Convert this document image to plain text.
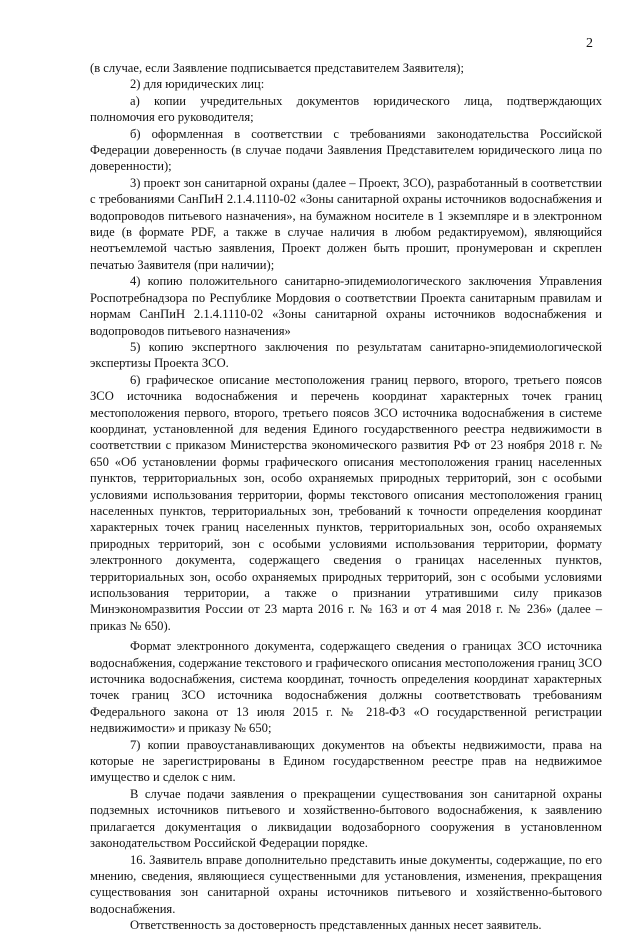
2

(в случае, если Заявление подписывается представителем Заявителя);

2) для юридических лиц:

а) копии учредительных документов юридического лица, подтверждающих полномочия его руководителя;

б) оформленная в соответствии с требованиями законодательства Российской Федерации доверенность (в случае подачи Заявления Представителем юридического лица по доверенности);

3) проект зон санитарной охраны (далее – Проект, ЗСО), разработанный в соответствии с требованиями СанПиН 2.1.4.1110-02 «Зоны санитарной охраны источников водоснабжения и водопроводов питьевого назначения», на бумажном носителе в 1 экземпляре и в электронном виде (в формате PDF, а также в случае наличия в любом редактируемом), являющийся неотъемлемой частью заявления, Проект должен быть прошит, пронумерован и скреплен печатью Заявителя (при наличии);

4) копию положительного санитарно-эпидемиологического заключения Управления Роспотребнадзора по Республике Мордовия о соответствии Проекта санитарным правилам и нормам СанПиН 2.1.4.1110-02 «Зоны санитарной охраны источников водоснабжения и водопроводов питьевого назначения»

5) копию экспертного заключения по результатам санитарно-эпидемиологической экспертизы Проекта ЗСО.

6) графическое описание местоположения границ первого, второго, третьего поясов ЗСО источника водоснабжения и перечень координат характерных точек границ местоположения первого, второго, третьего поясов ЗСО источника водоснабжения в системе координат, установленной для ведения Единого государственного реестра недвижимости в соответствии с приказом Министерства экономического развития РФ от 23 ноября 2018 г. № 650 «Об установлении формы графического описания местоположения границ населенных пунктов, территориальных зон, особо охраняемых природных территорий, зон с особыми условиями использования территории, формы текстового описания местоположения границ населенных пунктов, территориальных зон, требований к точности определения координат характерных точек границ населенных пунктов, территориальных зон, особо охраняемых природных территорий, зон с особыми условиями использования территории, формату электронного документа, содержащего сведения о границах населенных пунктов, территориальных зон, особо охраняемых природных территорий, зон с особыми условиями использования территории, а также о признании утратившими силу приказов Минэкономразвития России от 23 марта 2016 г. № 163 и от 4 мая 2018 г. № 236» (далее – приказ № 650).

Формат электронного документа, содержащего сведения о границах ЗСО источника водоснабжения, содержание текстового и графического описания местоположения границ ЗСО источника водоснабжения, система координат, точность определения координат характерных точек границ ЗСО источника водоснабжения должны соответствовать требованиям Федерального закона от 13 июля 2015 г. № 218-ФЗ «О государственной регистрации недвижимости» и приказу № 650;

7) копии правоустанавливающих документов на объекты недвижимости, права на которые не зарегистрированы в Едином государственном реестре прав на недвижимое имущество и сделок с ним.

В случае подачи заявления о прекращении существования зон санитарной охраны подземных источников питьевого и хозяйственно-бытового водоснабжения, к заявлению прилагается документация о ликвидации водозаборного сооружения в установленном законодательством Российской Федерации порядке.

16. Заявитель вправе дополнительно представить иные документы, содержащие, по его мнению, сведения, являющиеся существенными для установления, изменения, прекращения существования зон санитарной охраны источников питьевого и хозяйственно-бытового водоснабжения.

Ответственность за достоверность представленных данных несет заявитель.
